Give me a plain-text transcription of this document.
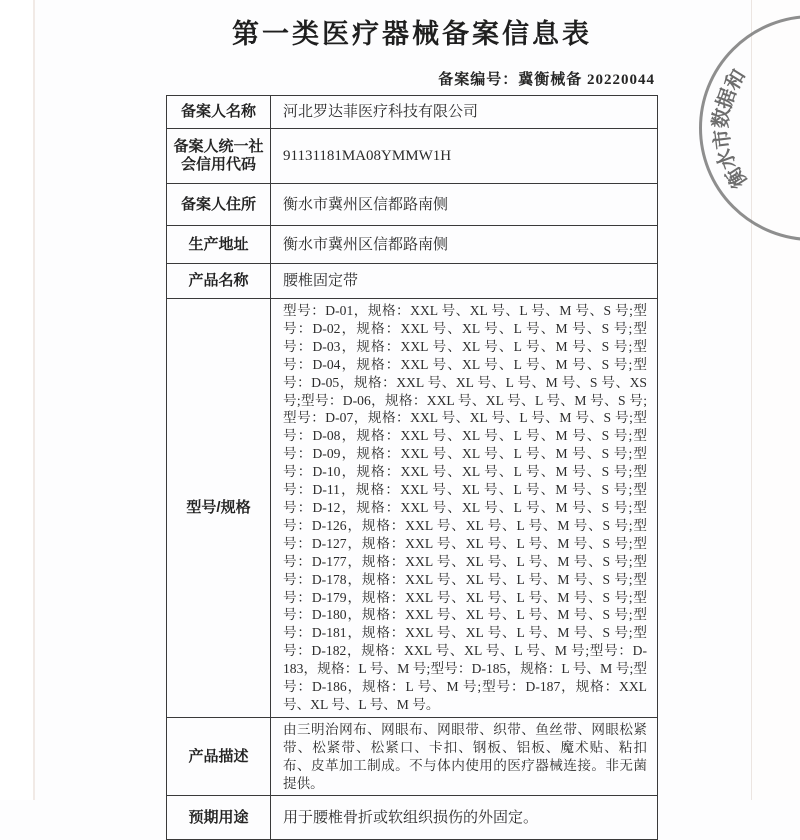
第一类医疗器械备案信息表
备案编号：冀衡械备 20220044
备案人名称	河北罗达菲医疗科技有限公司
备案人统一社会信用代码	91131181MA08YMMW1H
备案人住所	衡水市冀州区信都路南侧
生产地址	衡水市冀州区信都路南侧
产品名称	腰椎固定带
型号/规格	型号：D-01，规格：XXL 号、XL 号、L 号、M 号、S 号;型号：D-02，规格：XXL 号、XL 号、L 号、M 号、S 号;型号：D-03，规格：XXL 号、XL 号、L 号、M 号、S 号;型号：D-04，规格：XXL 号、XL 号、L 号、M 号、S 号;型号：D-05，规格：XXL 号、XL 号、L 号、M 号、S 号、XS 号;型号：D-06，规格：XXL 号、XL 号、L 号、M 号、S 号;型号：D-07，规格：XXL 号、XL 号、L 号、M 号、S 号;型号：D-08，规格：XXL 号、XL 号、L 号、M 号、S 号;型号：D-09，规格：XXL 号、XL 号、L 号、M 号、S 号;型号：D-10，规格：XXL 号、XL 号、L 号、M 号、S 号;型号：D-11，规格：XXL 号、XL 号、L 号、M 号、S 号;型号：D-12，规格：XXL 号、XL 号、L 号、M 号、S 号;型号：D-126，规格：XXL 号、XL 号、L 号、M 号、S 号;型号：D-127，规格：XXL 号、XL 号、L 号、M 号、S 号;型号：D-177，规格：XXL 号、XL 号、L 号、M 号、S 号;型号：D-178，规格：XXL 号、XL 号、L 号、M 号、S 号;型号：D-179，规格：XXL 号、XL 号、L 号、M 号、S 号;型号：D-180，规格：XXL 号、XL 号、L 号、M 号、S 号;型号：D-181，规格：XXL 号、XL 号、L 号、M 号、S 号;型号：D-182，规格：XXL 号、XL 号、L 号、M 号;型号：D-183，规格：L 号、M 号;型号：D-185，规格：L 号、M 号;型号：D-186，规格：L 号、M 号;型号：D-187，规格：XXL 号、XL 号、L 号、M 号。
产品描述	由三明治网布、网眼布、网眼带、织带、鱼丝带、网眼松紧带、松紧带、松紧口、卡扣、钢板、铝板、魔术贴、粘扣布、皮革加工制成。不与体内使用的医疗器械连接。非无菌提供。
预期用途	用于腰椎骨折或软组织损伤的外固定。
衡
水
市
数
据
和
